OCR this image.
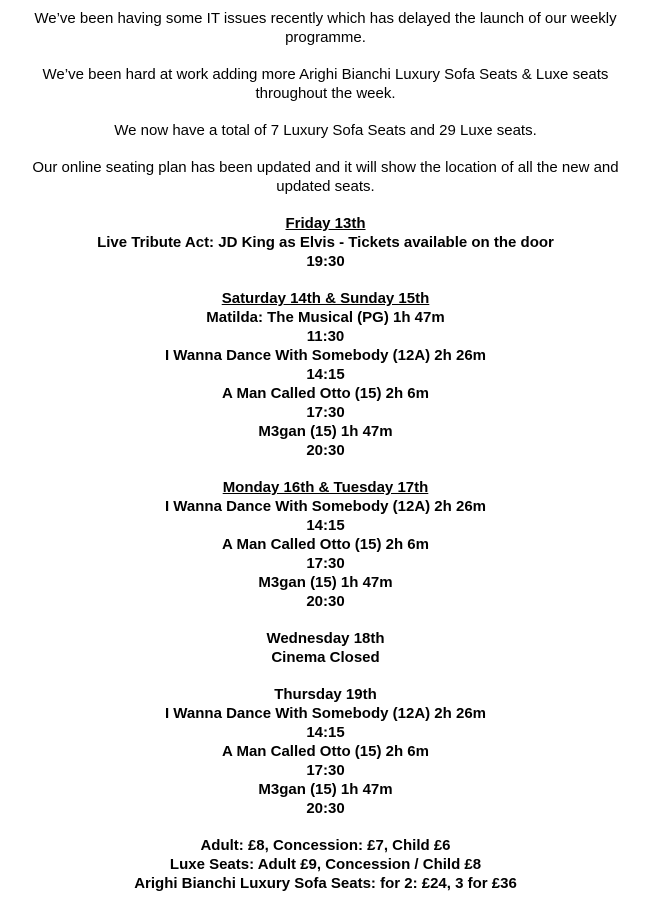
We’ve been having some IT issues recently which has delayed the launch of our weekly programme.

We’ve been hard at work adding more Arighi Bianchi Luxury Sofa Seats & Luxe seats throughout the week.

We now have a total of 7 Luxury Sofa Seats and 29 Luxe seats.

Our online seating plan has been updated and it will show the location of all the new and updated seats.

Friday 13th
Live Tribute Act: JD King as Elvis - Tickets available on the door
19:30
Saturday 14th & Sunday 15th
Matilda: The Musical (PG) 1h 47m
11:30
I Wanna Dance With Somebody (12A) 2h 26m
14:15
A Man Called Otto (15) 2h 6m
17:30
M3gan (15) 1h 47m
20:30
Monday 16th & Tuesday 17th
I Wanna Dance With Somebody (12A) 2h 26m
14:15
A Man Called Otto (15) 2h 6m
17:30
M3gan (15) 1h 47m
20:30
Wednesday 18th
Cinema Closed
Thursday 19th
I Wanna Dance With Somebody (12A) 2h 26m
14:15
A Man Called Otto (15) 2h 6m
17:30
M3gan (15) 1h 47m
20:30
Adult: £8, Concession: £7, Child £6
Luxe Seats: Adult £9, Concession / Child £8
Arighi Bianchi Luxury Sofa Seats: for 2: £24, 3 for £36
